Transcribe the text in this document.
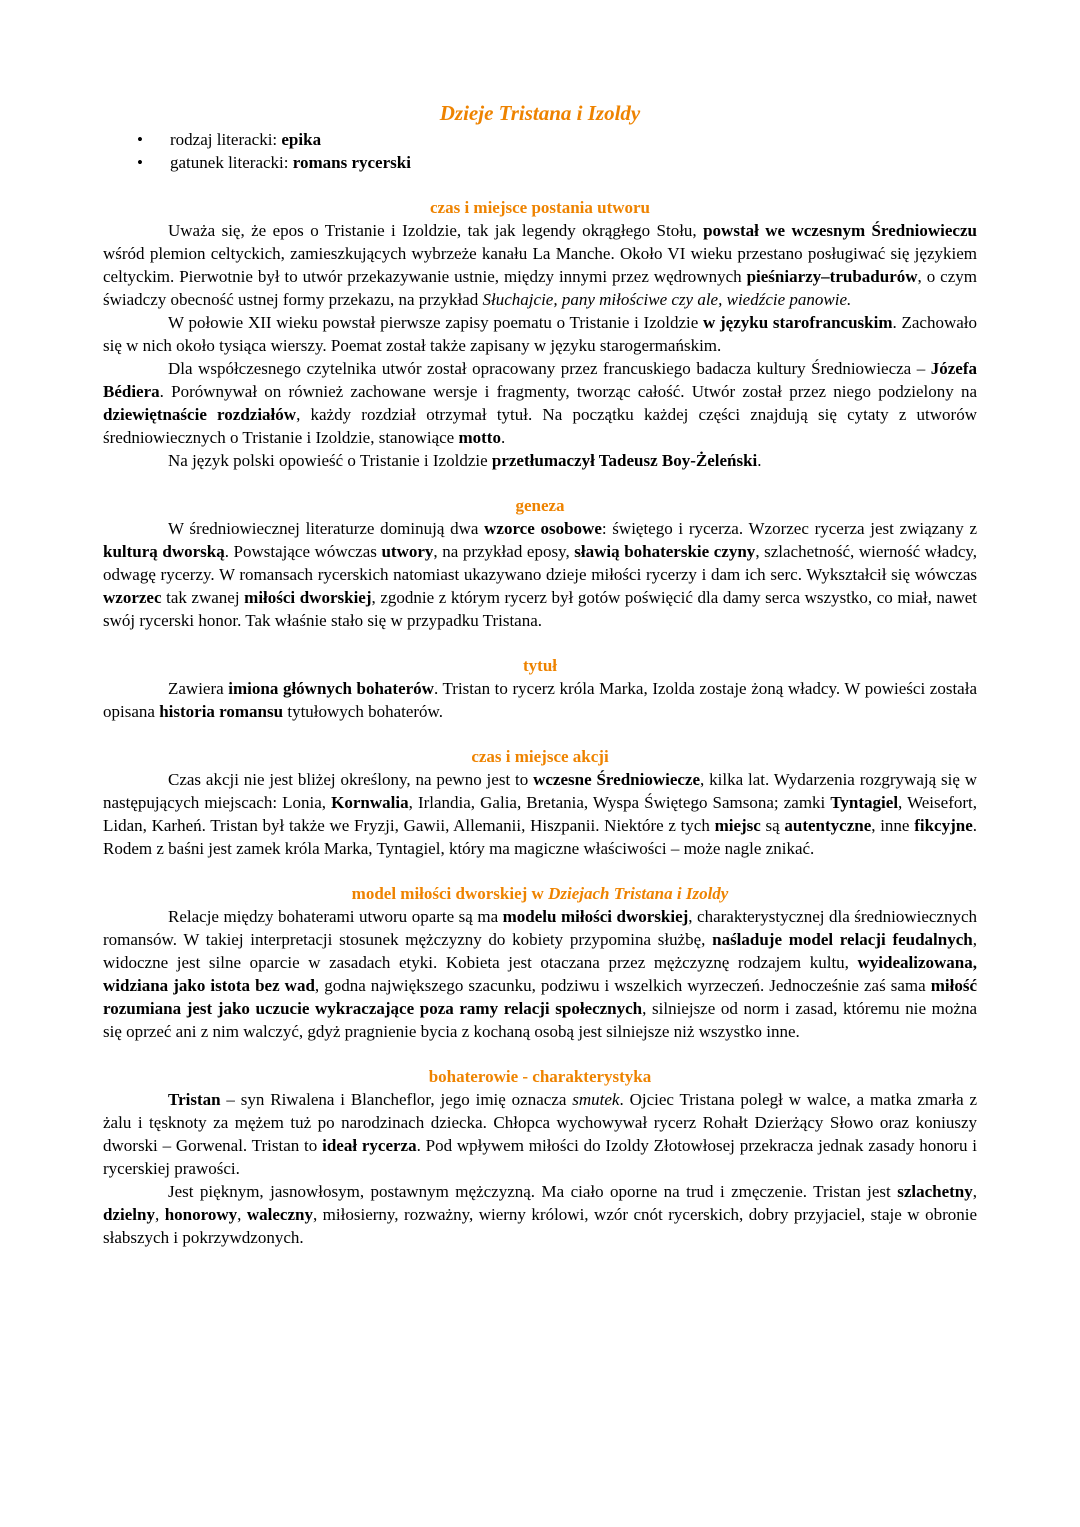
Dzieje Tristana i Izoldy
•	rodzaj literacki: epika
•	gatunek literacki: romans rycerski
czas i miejsce postania utworu

Uważa się, że epos o Tristanie i Izoldzie, tak jak legendy okrągłego Stołu, powstał we wczesnym Średniowieczu wśród plemion celtyckich, zamieszkujących wybrzeże kanału La Manche. Około VI wieku przestano posługiwać się językiem celtyckim. Pierwotnie był to utwór przekazywanie ustnie, między innymi przez wędrownych pieśniarzy–trubadurów, o czym świadczy obecność ustnej formy przekazu, na przykład Słuchajcie, pany miłościwe czy ale, wiedźcie panowie.

W połowie XII wieku powstał pierwsze zapisy poematu o Tristanie i Izoldzie w języku starofrancuskim. Zachowało się w nich około tysiąca wierszy. Poemat został także zapisany w języku starogermańskim.

Dla współczesnego czytelnika utwór został opracowany przez francuskiego badacza kultury Średniowiecza – Józefa Bédiera. Porównywał on również zachowane wersje i fragmenty, tworząc całość. Utwór został przez niego podzielony na dziewiętnaście rozdziałów, każdy rozdział otrzymał tytuł. Na początku każdej części znajdują się cytaty z utworów średniowiecznych o Tristanie i Izoldzie, stanowiące motto.

Na język polski opowieść o Tristanie i Izoldzie przetłumaczył Tadeusz Boy-Żeleński.

geneza

W średniowiecznej literaturze dominują dwa wzorce osobowe: świętego i rycerza. Wzorzec rycerza jest związany z kulturą dworską. Powstające wówczas utwory, na przykład eposy, sławią bohaterskie czyny, szlachetność, wierność władcy, odwagę rycerzy. W romansach rycerskich natomiast ukazywano dzieje miłości rycerzy i dam ich serc. Wykształcił się wówczas wzorzec tak zwanej miłości dworskiej, zgodnie z którym rycerz był gotów poświęcić dla damy serca wszystko, co miał, nawet swój rycerski honor. Tak właśnie stało się w przypadku Tristana.

tytuł

Zawiera imiona głównych bohaterów. Tristan to rycerz króla Marka, Izolda zostaje żoną władcy. W powieści została opisana historia romansu tytułowych bohaterów.

czas i miejsce akcji

Czas akcji nie jest bliżej określony, na pewno jest to wczesne Średniowiecze, kilka lat. Wydarzenia rozgrywają się w następujących miejscach: Lonia, Kornwalia, Irlandia, Galia, Bretania, Wyspa Świętego Samsona; zamki Tyntagiel, Weisefort, Lidan, Karheń. Tristan był także we Fryzji, Gawii, Allemanii, Hiszpanii. Niektóre z tych miejsc są autentyczne, inne fikcyjne. Rodem z baśni jest zamek króla Marka, Tyntagiel, który ma magiczne właściwości – może nagle znikać.

model miłości dworskiej w Dziejach Tristana i Izoldy

Relacje między bohaterami utworu oparte są ma modelu miłości dworskiej, charakterystycznej dla średniowiecznych romansów. W takiej interpretacji stosunek mężczyzny do kobiety przypomina służbę, naśladuje model relacji feudalnych, widoczne jest silne oparcie w zasadach etyki. Kobieta jest otaczana przez mężczyznę rodzajem kultu, wyidealizowana, widziana jako istota bez wad, godna największego szacunku, podziwu i wszelkich wyrzeczeń. Jednocześnie zaś sama miłość rozumiana jest jako uczucie wykraczające poza ramy relacji społecznych, silniejsze od norm i zasad, któremu nie można się oprzeć ani z nim walczyć, gdyż pragnienie bycia z kochaną osobą jest silniejsze niż wszystko inne.

bohaterowie - charakterystyka

Tristan – syn Riwalena i Blancheflor, jego imię oznacza smutek. Ojciec Tristana poległ w walce, a matka zmarła z żalu i tęsknoty za mężem tuż po narodzinach dziecka. Chłopca wychowywał rycerz Rohałt Dzierżący Słowo oraz koniuszy dworski – Gorwenal. Tristan to ideał rycerza. Pod wpływem miłości do Izoldy Złotowłosej przekracza jednak zasady honoru i rycerskiej prawości.

Jest pięknym, jasnowłosym, postawnym mężczyzną. Ma ciało oporne na trud i zmęczenie. Tristan jest szlachetny, dzielny, honorowy, waleczny, miłosierny, rozważny, wierny królowi, wzór cnót rycerskich, dobry przyjaciel, staje w obronie słabszych i pokrzywdzonych.
